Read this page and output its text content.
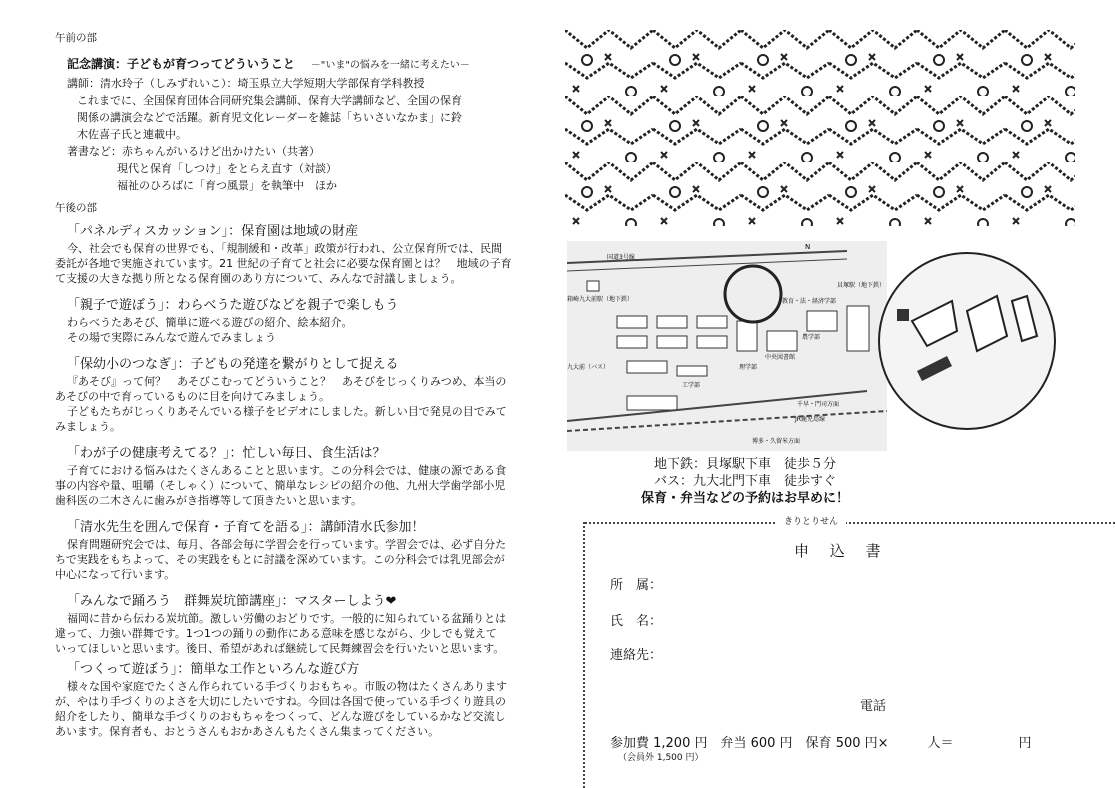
午前の部

記念講演：子どもが育つってどういうこと －"いま"の悩みを一緒に考えたい－

講師：清水玲子（しみずれいこ）：埼玉県立大学短期大学部保育学科教授

これまでに、全国保育団体合同研究集会講師、保育大学講師など、全国の保育

関係の講演会などで活躍。新育児文化レーダーを雑誌「ちいさいなかま」に鈴

木佐喜子氏と連載中。

著書など：赤ちゃんがいるけど出かけたい（共著）

現代と保育「しつけ」をとらえ直す（対談）

福祉のひろばに「育つ風景」を執筆中　ほか

午後の部

「パネルディスカッション」：保育園は地域の財産

今、社会でも保育の世界でも、「規制緩和・改革」政策が行われ、公立保育所では、民間

委託が各地で実施されています。21 世紀の子育てと社会に必要な保育園とは？　地域の子育

て支援の大きな拠り所となる保育園のあり方について、みんなで討議しましょう。

「親子で遊ぼう」：わらべうた遊びなどを親子で楽しもう

わらべうたあそび、簡単に遊べる遊びの紹介、絵本紹介。

その場で実際にみんなで遊んでみましょう

「保幼小のつなぎ」：子どもの発達を繋がりとして捉える

『あそび』って何？　あそびこむってどういうこと？　あそびをじっくりみつめ、本当の

あそびの中で育っているものに目を向けてみましょう。

子どもたちがじっくりあそんでいる様子をビデオにしました。新しい目で発見の目でみて

みましょう。

「わが子の健康考えてる？」：忙しい毎日、食生活は？

子育てにおける悩みはたくさんあることと思います。この分科会では、健康の源である食

事の内容や量、咀嚼（そしゃく）について、簡単なレシピの紹介の他、九州大学歯学部小児

歯科医の二木さんに歯みがき指導等して頂きたいと思います。

「清水先生を囲んで保育・子育てを語る」：講師清水氏参加！

保育問題研究会では、毎月、各部会毎に学習会を行っています。学習会では、必ず自分た

ちで実践をもちよって、その実践をもとに討議を深めています。この分科会では乳児部会が

中心になって行います。

「みんなで踊ろう　群舞炭坑節講座」：マスターしよう❤

福岡に昔から伝わる炭坑節。激しい労働のおどりです。一般的に知られている盆踊りとは

違って、力強い群舞です。1つ1つの踊りの動作にある意味を感じながら、少しでも覚えて

いってほしいと思います。後日、希望があれば継続して民舞練習会を行いたいと思います。

「つくって遊ぼう」：簡単な工作といろんな遊び方

様々な国や家庭でたくさん作られている手づくりおもちゃ。市販の物はたくさんあります

が、やはり手づくりのよさを大切にしたいですね。今回は各国で使っている手づくり遊具の

紹介をしたり、簡単な手づくりのおもちゃをつくって、どんな遊びをしているかなど交流し

あいます。保育者も、おとうさんもおかあさんもたくさん集まってください。

国道3号線
N
箱崎九大前駅（地下鉄）
貝塚駅（地下鉄）
教育・法・経済学部
九大前（バス）
工学部
中央図書館
理学部
農学部
JR鹿児島線
千早・門司方面
博多・久留米方面
地下鉄：貝塚駅下車　徒歩５分
バス：九大北門下車　徒歩すぐ
保育・弁当などの予約はお早めに！
きりとりせん
申 込 書
所　属：
氏　名：
連絡先：
電話
参加費 1,200 円　弁当 600 円　保育 500 円×　　　人＝　　　　　円
（会員外 1,500 円）
